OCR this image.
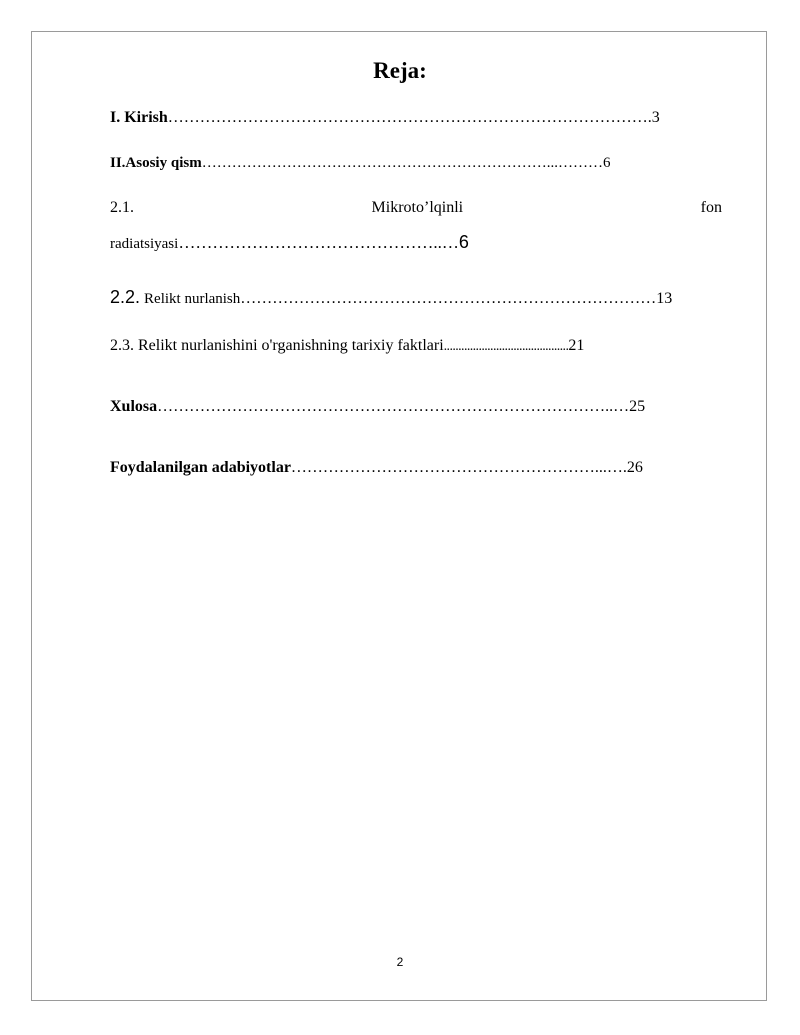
Reja:
I. Kirish……………………………………………………………………………….3
II.Asosiy qism……………………………………………………………...………6
2.1.	Mikroto’lqinli	fon
radiatsiyasi………………………………………..…6
2.2. Relikt nurlanish……………………………………………………………………13
2.3. Relikt nurlanishini o'rganishning tarixiy faktlari...........................................21
Xulosa…………………………………………………………………………..…25
Foydalanilgan adabiyotlar…………………………………………………...….26
2
